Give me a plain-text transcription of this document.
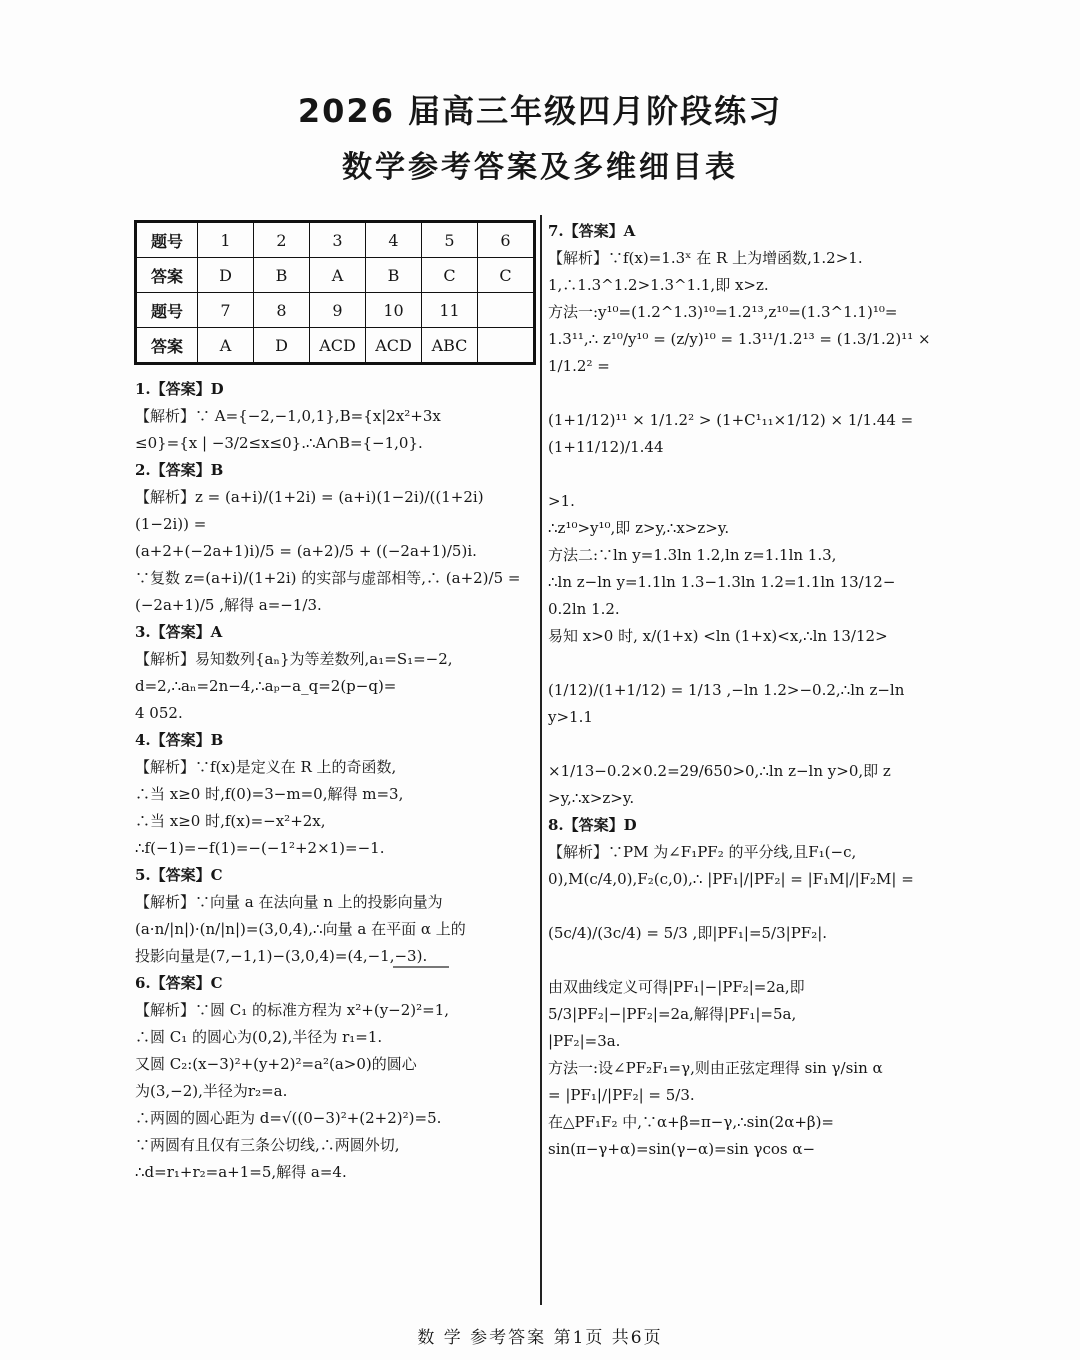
2026 届高三年级四月阶段练习
数学参考答案及多维细目表
题号	1	2	3	4	5	6
答案	D	B	A	B	C	C
题号	7	8	9	10	11	
答案	A	D	ACD	ACD	ABC	

1.【答案】D

【解析】∵ A={−2,−1,0,1},B={x|2x²+3x

≤0}={x | −3/2≤x≤0}.∴A∩B={−1,0}.

2.【答案】B

【解析】z = (a+i)/(1+2i) = (a+i)(1−2i)/((1+2i)(1−2i)) =

(a+2+(−2a+1)i)/5 = (a+2)/5 + ((−2a+1)/5)i.

∵复数 z=(a+i)/(1+2i) 的实部与虚部相等,∴ (a+2)/5 =

(−2a+1)/5 ,解得 a=−1/3.

3.【答案】A

【解析】易知数列{aₙ}为等差数列,a₁=S₁=−2,

d=2,∴aₙ=2n−4,∴aₚ−a_q=2(p−q)=

4 052.

4.【答案】B

【解析】∵f(x)是定义在 R 上的奇函数,

∴当 x≥0 时,f(0)=3−m=0,解得 m=3,

∴当 x≥0 时,f(x)=−x²+2x,

∴f(−1)=−f(1)=−(−1²+2×1)=−1.

5.【答案】C

【解析】∵向量 a 在法向量 n 上的投影向量为

(a·n/|n|)·(n/|n|)=(3,0,4),∴向量 a 在平面 α 上的

投影向量是(7,−1,1)−(3,0,4)=(4,−1,−3).

6.【答案】C

【解析】∵圆 C₁ 的标准方程为 x²+(y−2)²=1,

∴圆 C₁ 的圆心为(0,2),半径为 r₁=1.

又圆 C₂:(x−3)²+(y+2)²=a²(a>0)的圆心

为(3,−2),半径为r₂=a.

∴两圆的圆心距为 d=√((0−3)²+(2+2)²)=5.

∵两圆有且仅有三条公切线,∴两圆外切,

∴d=r₁+r₂=a+1=5,解得 a=4.

7.【答案】A

【解析】∵f(x)=1.3ˣ 在 R 上为增函数,1.2>1.

1,∴1.3^1.2>1.3^1.1,即 x>z.

方法一:y¹⁰=(1.2^1.3)¹⁰=1.2¹³,z¹⁰=(1.3^1.1)¹⁰=

1.3¹¹,∴ z¹⁰/y¹⁰ = (z/y)¹⁰ = 1.3¹¹/1.2¹³ = (1.3/1.2)¹¹ × 1/1.2² =

(1+1/12)¹¹ × 1/1.2² > (1+C¹₁₁×1/12) × 1/1.44 = (1+11/12)/1.44

>1.

∴z¹⁰>y¹⁰,即 z>y,∴x>z>y.

方法二:∵ln y=1.3ln 1.2,ln z=1.1ln 1.3,

∴ln z−ln y=1.1ln 1.3−1.3ln 1.2=1.1ln 13/12−

0.2ln 1.2.

易知 x>0 时, x/(1+x) <ln (1+x)<x,∴ln 13/12>

(1/12)/(1+1/12) = 1/13 ,−ln 1.2>−0.2,∴ln z−ln y>1.1

×1/13−0.2×0.2=29/650>0,∴ln z−ln y>0,即 z

>y,∴x>z>y.

8.【答案】D

【解析】∵PM 为∠F₁PF₂ 的平分线,且F₁(−c,

0),M(c/4,0),F₂(c,0),∴ |PF₁|/|PF₂| = |F₁M|/|F₂M| =

(5c/4)/(3c/4) = 5/3 ,即|PF₁|=5/3|PF₂|.

由双曲线定义可得|PF₁|−|PF₂|=2a,即

5/3|PF₂|−|PF₂|=2a,解得|PF₁|=5a,

|PF₂|=3a.

方法一:设∠PF₂F₁=γ,则由正弦定理得 sin γ/sin α

= |PF₁|/|PF₂| = 5/3.

在△PF₁F₂ 中,∵α+β=π−γ,∴sin(2α+β)=

sin(π−γ+α)=sin(γ−α)=sin γcos α−

数 学 参考答案 第1页 共6页
